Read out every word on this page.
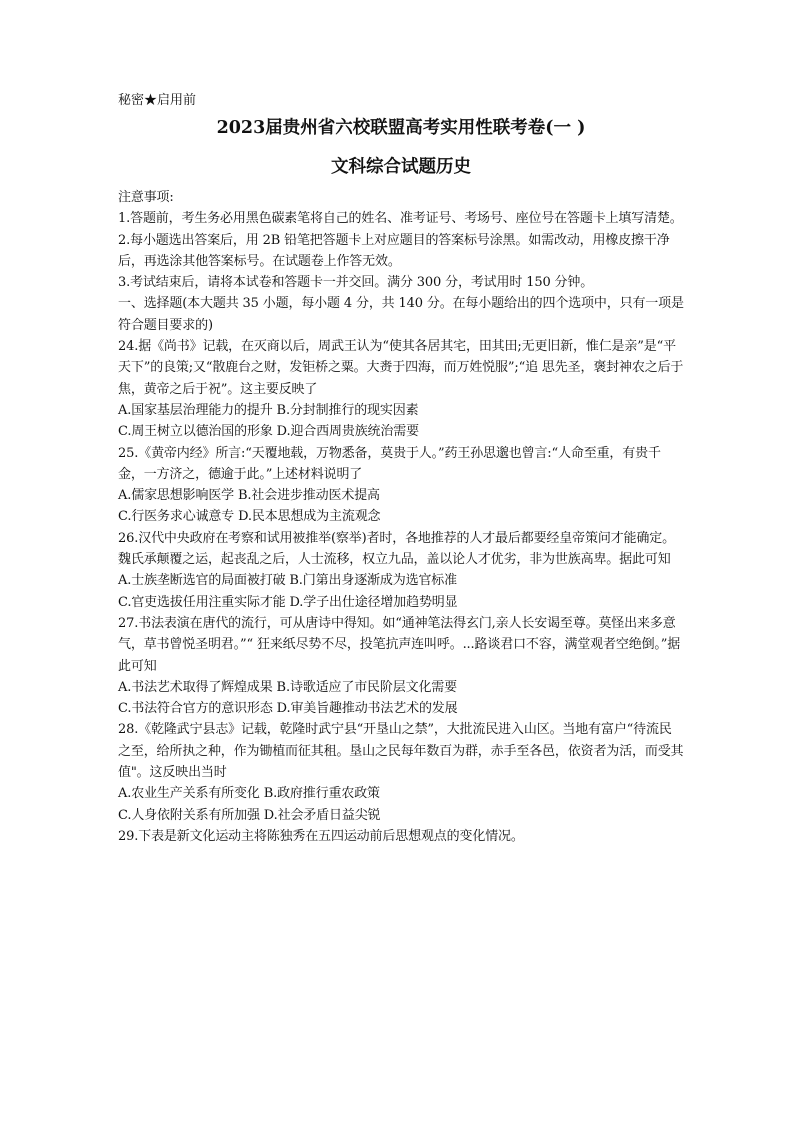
秘密★启用前
2023届贵州省六校联盟高考实用性联考卷(一 )
文科综合试题历史

注意事项:

1.答题前，考生务必用黑色碳素笔将自己的姓名、准考证号、考场号、座位号在答题卡上填写清楚。

2.每小题选出答案后，用 2B 铅笔把答题卡上对应题目的答案标号涂黑。如需改动，用橡皮擦干净后，再选涂其他答案标号。在试题卷上作答无效。

3.考试结束后，请将本试卷和答题卡一并交回。满分 300 分，考试用时 150 分钟。

一、选择题(本大题共 35 小题，每小题 4 分，共 140 分。在每小题给出的四个选项中，只有一项是符合题目要求的)

24.据《尚书》记载，在灭商以后，周武王认为“使其各居其宅，田其田;无更旧新，惟仁是亲”是“平天下”的良策;又“散鹿台之财，发钜桥之粟。大赉于四海，而万姓悦服”;“追 思先圣，褒封神农之后于焦，黄帝之后于祝”。这主要反映了

A.国家基层治理能力的提升 B.分封制推行的现实因素

C.周王树立以德治国的形象 D.迎合西周贵族统治需要

25.《黄帝内经》所言:“天覆地载，万物悉备，莫贵于人。”药王孙思邈也曾言:“人命至重，有贵千金，一方济之，德逾于此。”上述材料说明了

A.儒家思想影响医学 B.社会进步推动医术提高

C.行医务求心诚意专 D.民本思想成为主流观念

26.汉代中央政府在考察和试用被推举(察举)者时，各地推荐的人才最后都要经皇帝策问才能确定。魏氏承颠覆之运，起丧乱之后，人士流移，权立九品，盖以论人才优劣，非为世族高卑。据此可知

A.士族垄断选官的局面被打破 B.门第出身逐渐成为选官标准

C.官吏选拔任用注重实际才能 D.学子出仕途径增加趋势明显

27.书法表演在唐代的流行，可从唐诗中得知。如“通神笔法得玄门,亲人长安谒至尊。莫怪出来多意气，草书曾悦圣明君。”“ 狂来纸尽势不尽，投笔抗声连叫呼。...路谈君口不容，满堂观者空绝倒。”据此可知

A.书法艺术取得了辉煌成果 B.诗歌适应了市民阶层文化需要

C.书法符合官方的意识形态 D.审美旨趣推动书法艺术的发展

28.《乾隆武宁县志》记载，乾隆时武宁县“开垦山之禁”，大批流民进入山区。当地有富户“待流民之至，给所执之种，作为锄植而征其租。垦山之民每年数百为群，赤手至各邑，依资者为活，而受其值"。这反映出当时

A.农业生产关系有所变化 B.政府推行重农政策

C.人身依附关系有所加强 D.社会矛盾日益尖锐

29.下表是新文化运动主将陈独秀在五四运动前后思想观点的变化情况。
